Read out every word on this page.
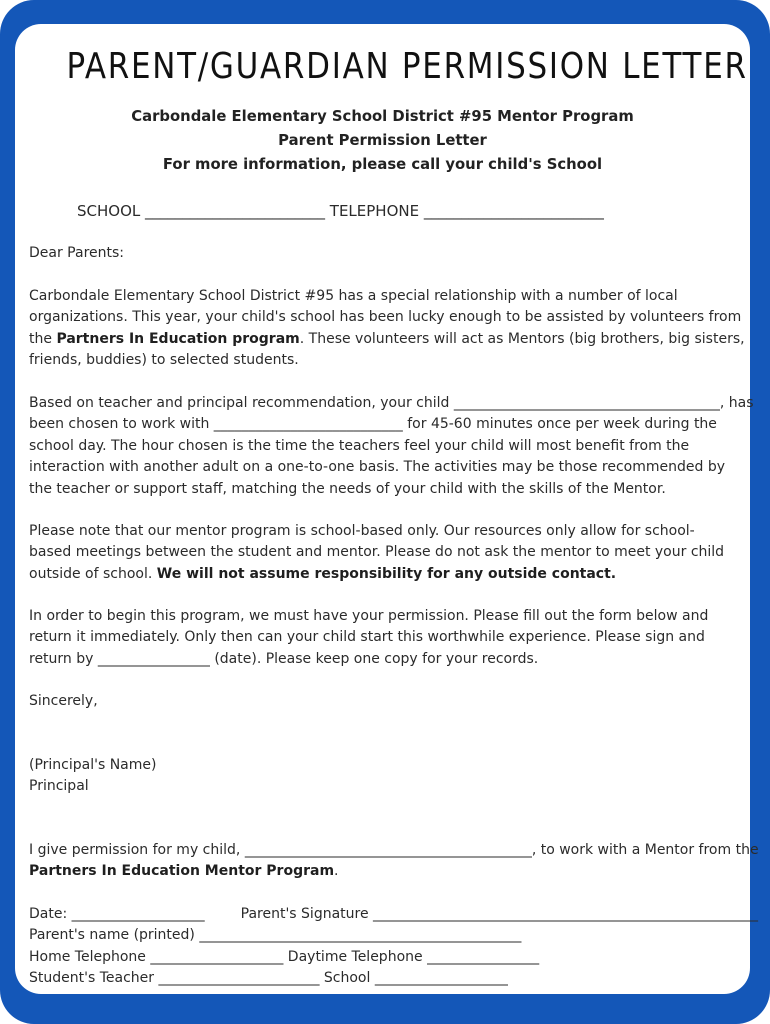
PARENT/GUARDIAN PERMISSION LETTER
Carbondale Elementary School District #95 Mentor Program
Parent Permission Letter
For more information, please call your child's School
SCHOOL ________________________ TELEPHONE ________________________
Dear Parents:
Carbondale Elementary School District #95 has a special relationship with a number of local
organizations. This year, your child's school has been lucky enough to be assisted by volunteers from
the Partners In Education program. These volunteers will act as Mentors (big brothers, big sisters,
friends, buddies) to selected students.
Based on teacher and principal recommendation, your child ______________________________________, has
been chosen to work with ___________________________ for 45-60 minutes once per week during the
school day. The hour chosen is the time the teachers feel your child will most benefit from the
interaction with another adult on a one-to-one basis. The activities may be those recommended by
the teacher or support staff, matching the needs of your child with the skills of the Mentor.
Please note that our mentor program is school-based only. Our resources only allow for school-
based meetings between the student and mentor. Please do not ask the mentor to meet your child
outside of school. We will not assume responsibility for any outside contact.
In order to begin this program, we must have your permission. Please fill out the form below and
return it immediately. Only then can your child start this worthwhile experience. Please sign and
return by ________________ (date). Please keep one copy for your records.
Sincerely,
(Principal's Name)
Principal
I give permission for my child, _________________________________________, to work with a Mentor from the
Partners In Education Mentor Program.
Date: ___________________	Parent's Signature _______________________________________________________
Parent's name (printed) ______________________________________________
Home Telephone ___________________ Daytime Telephone ________________
Student's Teacher _______________________ School ___________________
